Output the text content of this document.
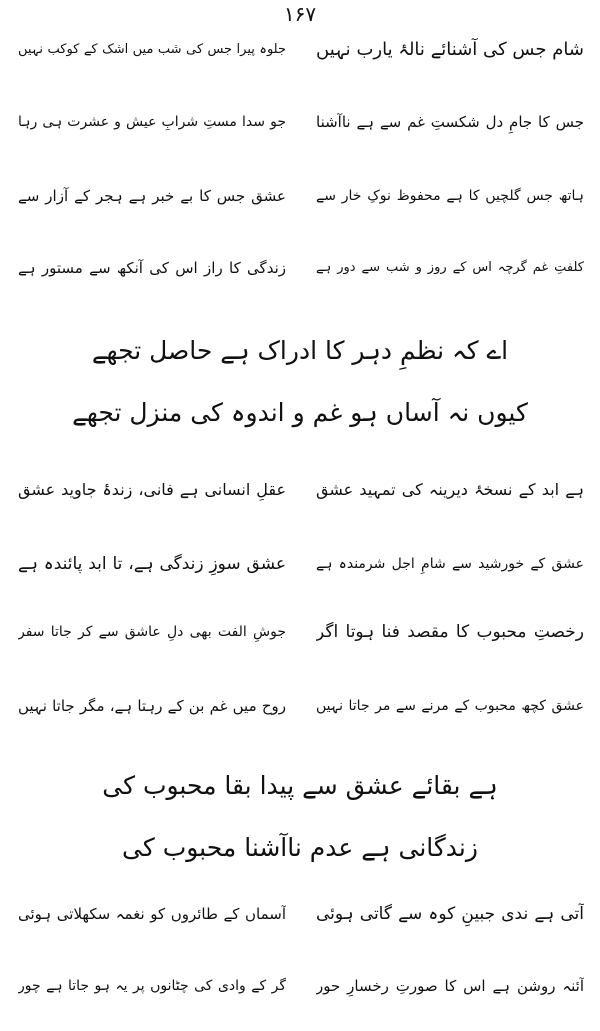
۱۶۷
شام جس کی آشنائے نالۂ یارب نہیں
جلوہ پیرا جس کی شب میں اشک کے کوکب نہیں
جس کا جامِ دل شکستِ غم سے ہے ناآشنا
جو سدا مستِ شرابِ عیش و عشرت ہی رہا
ہاتھ جس گلچیں کا ہے محفوظ نوکِ خار سے
عشق جس کا بے خبر ہے ہجر کے آزار سے
کلفتِ غم گرچہ اس کے روز و شب سے دور ہے
زندگی کا راز اس کی آنکھ سے مستور ہے
اے کہ نظمِ دہر کا ادراک ہے حاصل تجھے
کیوں نہ آساں ہو غم و اندوہ کی منزل تجھے
ہے ابد کے نسخۂ دیرینہ کی تمہید عشق
عقلِ انسانی ہے فانی، زندۂ جاوید عشق
عشق کے خورشید سے شامِ اجل شرمندہ ہے
عشق سوزِ زندگی ہے، تا ابد پائندہ ہے
رخصتِ محبوب کا مقصد فنا ہوتا اگر
جوشِ الفت بھی دلِ عاشق سے کر جاتا سفر
عشق کچھ محبوب کے مرنے سے مر جاتا نہیں
روح میں غم بن کے رہتا ہے، مگر جاتا نہیں
ہے بقائے عشق سے پیدا بقا محبوب کی
زندگانی ہے عدم ناآشنا محبوب کی
آتی ہے ندی جبینِ کوہ سے گاتی ہوئی
آسماں کے طائروں کو نغمہ سکھلاتی ہوئی
آئنہ روشن ہے اس کا صورتِ رخسارِ حور
گر کے وادی کی چٹانوں پر یہ ہو جاتا ہے چور
